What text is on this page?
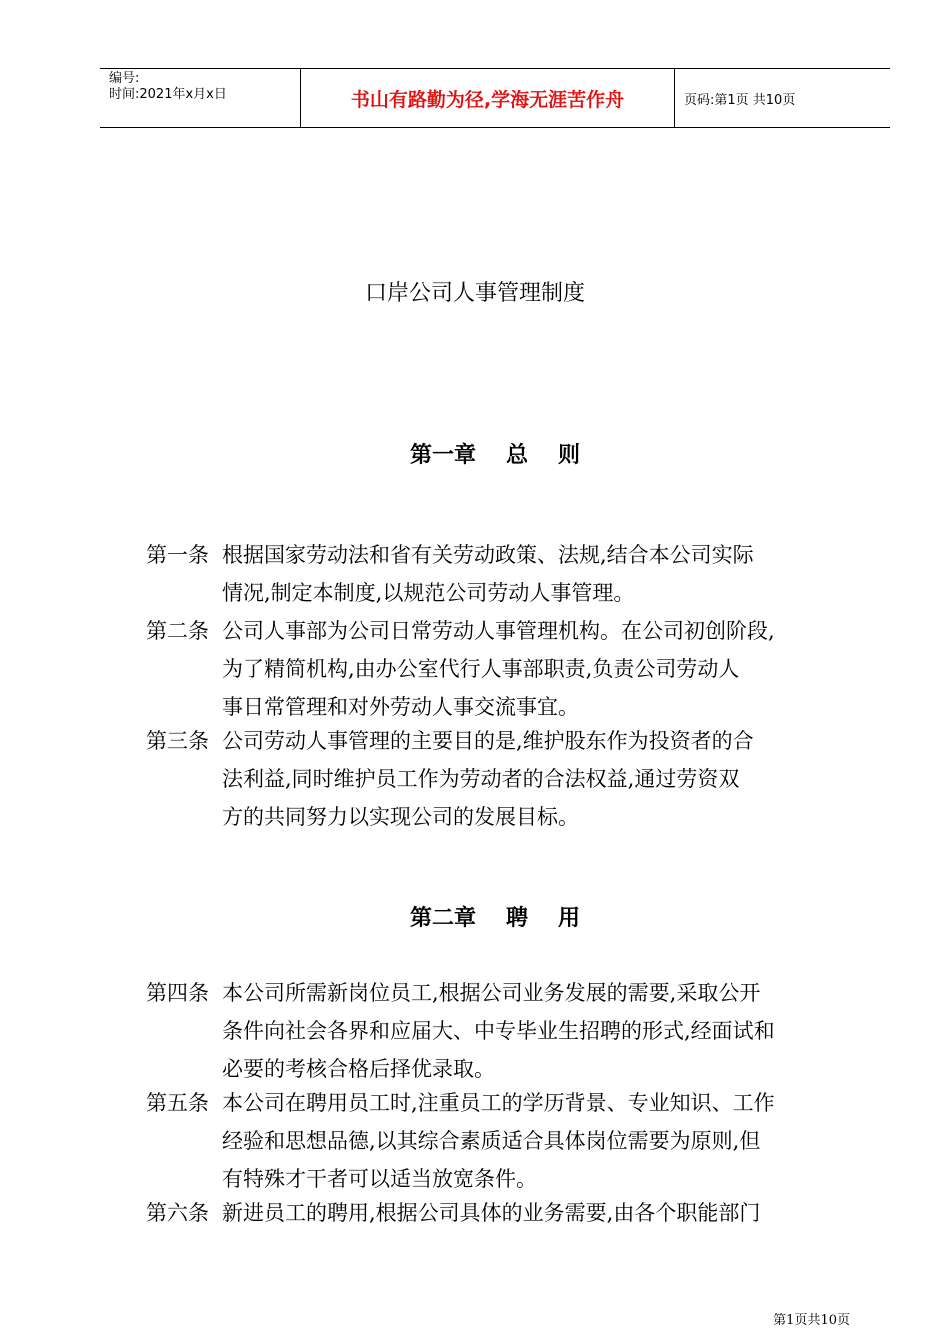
编号:
时间:2021年x月x日	书山有路勤为径,学海无涯苦作舟	页码:第1页 共10页
口岸公司人事管理制度
第一章 总 则
第一条 根据国家劳动法和省有关劳动政策、法规,结合本公司实际
情况,制定本制度,以规范公司劳动人事管理。
第二条 公司人事部为公司日常劳动人事管理机构。在公司初创阶段,
为了精简机构,由办公室代行人事部职责,负责公司劳动人
事日常管理和对外劳动人事交流事宜。
第三条 公司劳动人事管理的主要目的是,维护股东作为投资者的合
法利益,同时维护员工作为劳动者的合法权益,通过劳资双
方的共同努力以实现公司的发展目标。
第二章 聘 用
第四条 本公司所需新岗位员工,根据公司业务发展的需要,采取公开
条件向社会各界和应届大、中专毕业生招聘的形式,经面试和
必要的考核合格后择优录取。
第五条 本公司在聘用员工时,注重员工的学历背景、专业知识、工作
经验和思想品德,以其综合素质适合具体岗位需要为原则,但
有特殊才干者可以适当放宽条件。
第六条 新进员工的聘用,根据公司具体的业务需要,由各个职能部门
第1页共10页
